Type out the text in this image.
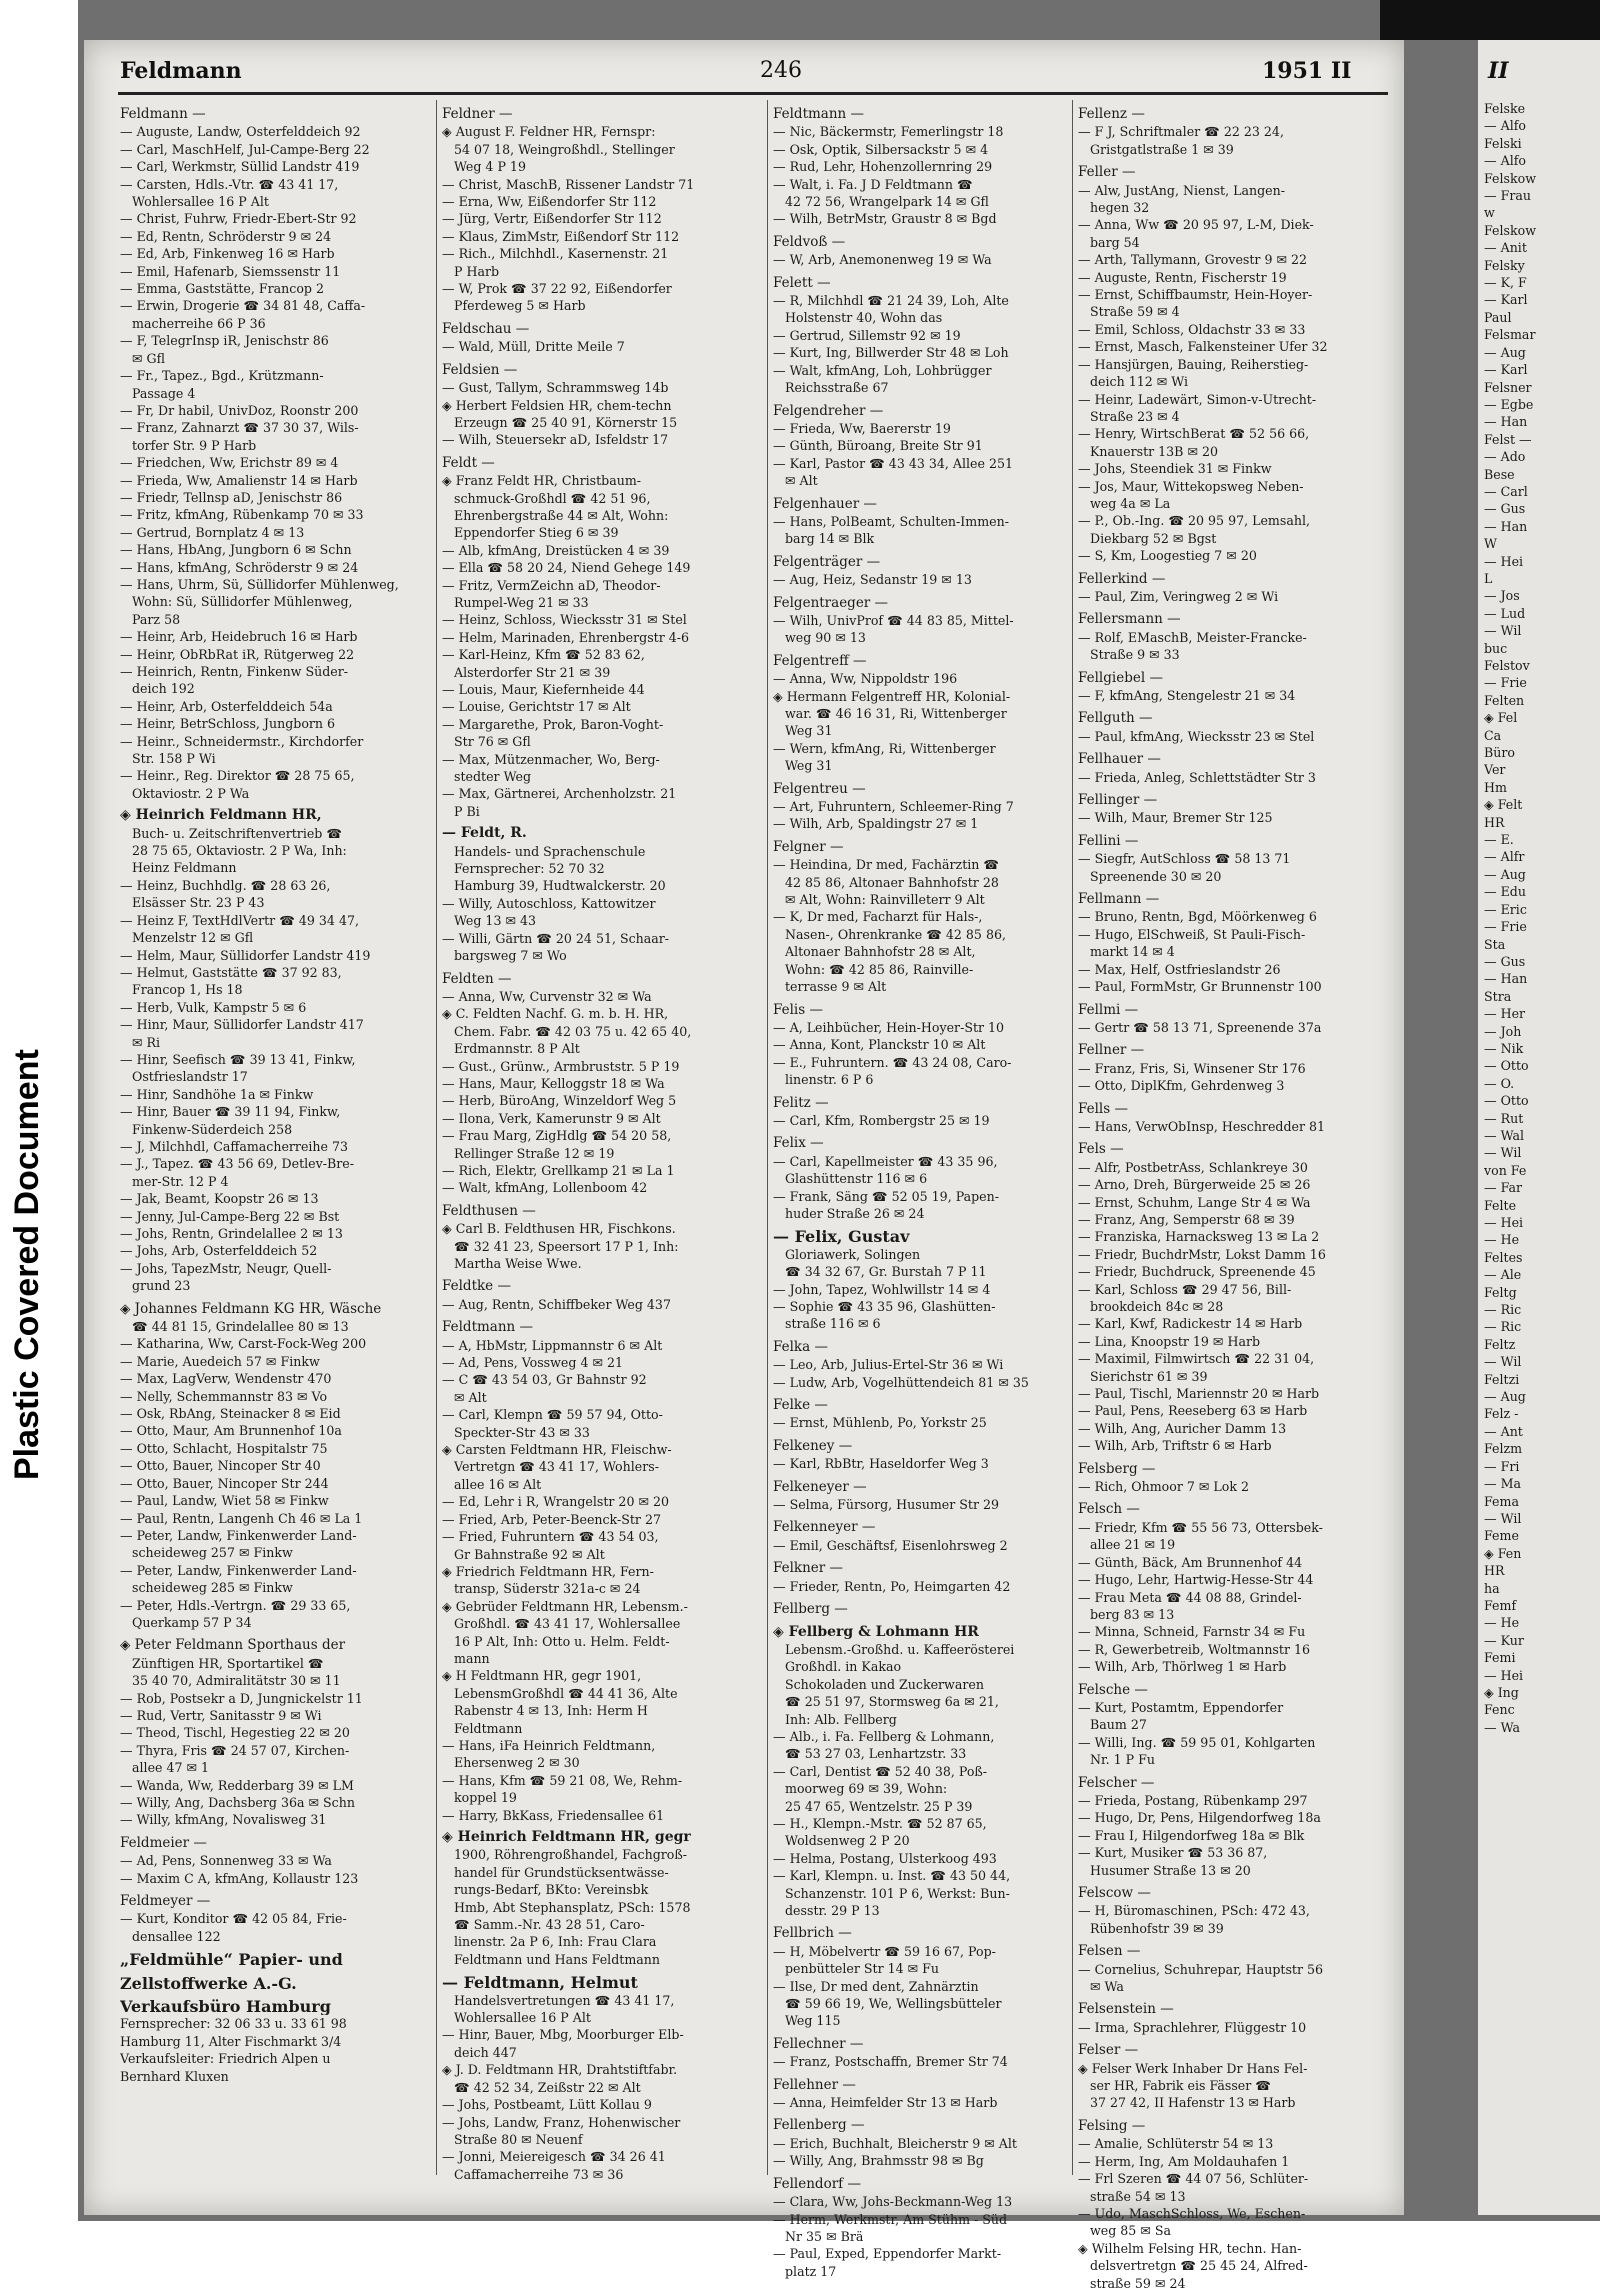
Plastic Covered Document
Feldmann	246	1951 II
Feldmann —
— Auguste, Landw, Osterfelddeich 92
— Carl, MaschHelf, Jul-Campe-Berg 22
— Carl, Werkmstr, Süllid Landstr 419
— Carsten, Hdls.-Vtr. ☎ 43 41 17,
Wohlersallee 16 P Alt
— Christ, Fuhrw, Friedr-Ebert-Str 92
— Ed, Rentn, Schröderstr 9 ✉ 24
— Ed, Arb, Finkenweg 16 ✉ Harb
— Emil, Hafenarb, Siemssenstr 11
— Emma, Gaststätte, Francop 2
— Erwin, Drogerie ☎ 34 81 48, Caffa-
macherreihe 66 P 36
— F, TelegrInsp iR, Jenischstr 86
✉ Gfl
— Fr., Tapez., Bgd., Krützmann-
Passage 4
— Fr, Dr habil, UnivDoz, Roonstr 200
— Franz, Zahnarzt ☎ 37 30 37, Wils-
torfer Str. 9 P Harb
— Friedchen, Ww, Erichstr 89 ✉ 4
— Frieda, Ww, Amalienstr 14 ✉ Harb
— Friedr, Tellnsp aD, Jenischstr 86
— Fritz, kfmAng, Rübenkamp 70 ✉ 33
— Gertrud, Bornplatz 4 ✉ 13
— Hans, HbAng, Jungborn 6 ✉ Schn
— Hans, kfmAng, Schröderstr 9 ✉ 24
— Hans, Uhrm, Sü, Süllidorfer Mühlenweg,
Wohn: Sü, Süllidorfer Mühlenweg,
Parz 58
— Heinr, Arb, Heidebruch 16 ✉ Harb
— Heinr, ObRbRat iR, Rütgerweg 22
— Heinrich, Rentn, Finkenw Süder-
deich 192
— Heinr, Arb, Osterfelddeich 54a
— Heinr, BetrSchloss, Jungborn 6
— Heinr., Schneidermstr., Kirchdorfer
Str. 158 P Wi
— Heinr., Reg. Direktor ☎ 28 75 65,
Oktaviostr. 2 P Wa
◈ Heinrich Feldmann HR,
Buch- u. Zeitschriftenvertrieb ☎
28 75 65, Oktaviostr. 2 P Wa, Inh:
Heinz Feldmann
— Heinz, Buchhdlg. ☎ 28 63 26,
Elsässer Str. 23 P 43
— Heinz F, TextHdlVertr ☎ 49 34 47,
Menzelstr 12 ✉ Gfl
— Helm, Maur, Süllidorfer Landstr 419
— Helmut, Gaststätte ☎ 37 92 83,
Francop 1, Hs 18
— Herb, Vulk, Kampstr 5 ✉ 6
— Hinr, Maur, Süllidorfer Landstr 417
✉ Ri
— Hinr, Seefisch ☎ 39 13 41, Finkw,
Ostfrieslandstr 17
— Hinr, Sandhöhe 1a ✉ Finkw
— Hinr, Bauer ☎ 39 11 94, Finkw,
Finkenw-Süderdeich 258
— J, Milchhdl, Caffamacherreihe 73
— J., Tapez. ☎ 43 56 69, Detlev-Bre-
mer-Str. 12 P 4
— Jak, Beamt, Koopstr 26 ✉ 13
— Jenny, Jul-Campe-Berg 22 ✉ Bst
— Johs, Rentn, Grindelallee 2 ✉ 13
— Johs, Arb, Osterfelddeich 52
— Johs, TapezMstr, Neugr, Quell-
grund 23
◈ Johannes Feldmann KG HR, Wäsche
☎ 44 81 15, Grindelallee 80 ✉ 13
— Katharina, Ww, Carst-Fock-Weg 200
— Marie, Auedeich 57 ✉ Finkw
— Max, LagVerw, Wendenstr 470
— Nelly, Schemmannstr 83 ✉ Vo
— Osk, RbAng, Steinacker 8 ✉ Eid
— Otto, Maur, Am Brunnenhof 10a
— Otto, Schlacht, Hospitalstr 75
— Otto, Bauer, Nincoper Str 40
— Otto, Bauer, Nincoper Str 244
— Paul, Landw, Wiet 58 ✉ Finkw
— Paul, Rentn, Langenh Ch 46 ✉ La 1
— Peter, Landw, Finkenwerder Land-
scheideweg 257 ✉ Finkw
— Peter, Landw, Finkenwerder Land-
scheideweg 285 ✉ Finkw
— Peter, Hdls.-Vertrgn. ☎ 29 33 65,
Querkamp 57 P 34
◈ Peter Feldmann Sporthaus der
Zünftigen HR, Sportartikel ☎
35 40 70, Admiralitätstr 30 ✉ 11
— Rob, Postsekr a D, Jungnickelstr 11
— Rud, Vertr, Sanitasstr 9 ✉ Wi
— Theod, Tischl, Hegestieg 22 ✉ 20
— Thyra, Fris ☎ 24 57 07, Kirchen-
allee 47 ✉ 1
— Wanda, Ww, Redderbarg 39 ✉ LM
— Willy, Ang, Dachsberg 36a ✉ Schn
— Willy, kfmAng, Novalisweg 31
Feldmeier —
— Ad, Pens, Sonnenweg 33 ✉ Wa
— Maxim C A, kfmAng, Kollaustr 123
Feldmeyer —
— Kurt, Konditor ☎ 42 05 84, Frie-
densallee 122
„Feldmühle“ Papier- und
Zellstoffwerke A.-G.
Verkaufsbüro Hamburg
Fernsprecher: 32 06 33 u. 33 61 98
Hamburg 11, Alter Fischmarkt 3/4
Verkaufsleiter: Friedrich Alpen u
Bernhard Kluxen
Feldner —
◈ August F. Feldner HR, Fernspr:
54 07 18, Weingroßhdl., Stellinger
Weg 4 P 19
— Christ, MaschB, Rissener Landstr 71
— Erna, Ww, Eißendorfer Str 112
— Jürg, Vertr, Eißendorfer Str 112
— Klaus, ZimMstr, Eißendorf Str 112
— Rich., Milchhdl., Kasernenstr. 21
P Harb
— W, Prok ☎ 37 22 92, Eißendorfer
Pferdeweg 5 ✉ Harb
Feldschau —
— Wald, Müll, Dritte Meile 7
Feldsien —
— Gust, Tallym, Schrammsweg 14b
◈ Herbert Feldsien HR, chem-techn
Erzeugn ☎ 25 40 91, Körnerstr 15
— Wilh, Steuersekr aD, Isfeldstr 17
Feldt —
◈ Franz Feldt HR, Christbaum-
schmuck-Großhdl ☎ 42 51 96,
Ehrenbergstraße 44 ✉ Alt, Wohn:
Eppendorfer Stieg 6 ✉ 39
— Alb, kfmAng, Dreistücken 4 ✉ 39
— Ella ☎ 58 20 24, Niend Gehege 149
— Fritz, VermZeichn aD, Theodor-
Rumpel-Weg 21 ✉ 33
— Heinz, Schloss, Wiecksstr 31 ✉ Stel
— Helm, Marinaden, Ehrenbergstr 4-6
— Karl-Heinz, Kfm ☎ 52 83 62,
Alsterdorfer Str 21 ✉ 39
— Louis, Maur, Kiefernheide 44
— Louise, Gerichtstr 17 ✉ Alt
— Margarethe, Prok, Baron-Voght-
Str 76 ✉ Gfl
— Max, Mützenmacher, Wo, Berg-
stedter Weg
— Max, Gärtnerei, Archenholzstr. 21
P Bi
— Feldt, R.
Handels- und Sprachenschule
Fernsprecher: 52 70 32
Hamburg 39, Hudtwalckerstr. 20
— Willy, Autoschloss, Kattowitzer
Weg 13 ✉ 43
— Willi, Gärtn ☎ 20 24 51, Schaar-
bargsweg 7 ✉ Wo
Feldten —
— Anna, Ww, Curvenstr 32 ✉ Wa
◈ C. Feldten Nachf. G. m. b. H. HR,
Chem. Fabr. ☎ 42 03 75 u. 42 65 40,
Erdmannstr. 8 P Alt
— Gust., Grünw., Armbruststr. 5 P 19
— Hans, Maur, Kelloggstr 18 ✉ Wa
— Herb, BüroAng, Winzeldorf Weg 5
— Ilona, Verk, Kamerunstr 9 ✉ Alt
— Frau Marg, ZigHdlg ☎ 54 20 58,
Rellinger Straße 12 ✉ 19
— Rich, Elektr, Grellkamp 21 ✉ La 1
— Walt, kfmAng, Lollenboom 42
Feldthusen —
◈ Carl B. Feldthusen HR, Fischkons.
☎ 32 41 23, Speersort 17 P 1, Inh:
Martha Weise Wwe.
Feldtke —
— Aug, Rentn, Schiffbeker Weg 437
Feldtmann —
— A, HbMstr, Lippmannstr 6 ✉ Alt
— Ad, Pens, Vossweg 4 ✉ 21
— C ☎ 43 54 03, Gr Bahnstr 92
✉ Alt
— Carl, Klempn ☎ 59 57 94, Otto-
Speckter-Str 43 ✉ 33
◈ Carsten Feldtmann HR, Fleischw-
Vertretgn ☎ 43 41 17, Wohlers-
allee 16 ✉ Alt
— Ed, Lehr i R, Wrangelstr 20 ✉ 20
— Fried, Arb, Peter-Beenck-Str 27
— Fried, Fuhruntern ☎ 43 54 03,
Gr Bahnstraße 92 ✉ Alt
◈ Friedrich Feldtmann HR, Fern-
transp, Süderstr 321a-c ✉ 24
◈ Gebrüder Feldtmann HR, Lebensm.-
Großhdl. ☎ 43 41 17, Wohlersallee
16 P Alt, Inh: Otto u. Helm. Feldt-
mann
◈ H Feldtmann HR, gegr 1901,
LebensmGroßhdl ☎ 44 41 36, Alte
Rabenstr 4 ✉ 13, Inh: Herm H
Feldtmann
— Hans, iFa Heinrich Feldtmann,
Ehersenweg 2 ✉ 30
— Hans, Kfm ☎ 59 21 08, We, Rehm-
koppel 19
— Harry, BkKass, Friedensallee 61
◈ Heinrich Feldtmann HR, gegr
1900, Röhrengroßhandel, Fachgroß-
handel für Grundstücksentwässe-
rungs-Bedarf, BKto: Vereinsbk
Hmb, Abt Stephansplatz, PSch: 1578
☎ Samm.-Nr. 43 28 51, Caro-
linenstr. 2a P 6, Inh: Frau Clara
Feldtmann und Hans Feldtmann
— Feldtmann, Helmut
Handelsvertretungen ☎ 43 41 17,
Wohlersallee 16 P Alt
— Hinr, Bauer, Mbg, Moorburger Elb-
deich 447
◈ J. D. Feldtmann HR, Drahtstiftfabr.
☎ 42 52 34, Zeißstr 22 ✉ Alt
— Johs, Postbeamt, Lütt Kollau 9
— Johs, Landw, Franz, Hohenwischer
Straße 80 ✉ Neuenf
— Jonni, Meiereigesch ☎ 34 26 41
Caffamacherreihe 73 ✉ 36
Feldtmann —
— Nic, Bäckermstr, Femerlingstr 18
— Osk, Optik, Silbersackstr 5 ✉ 4
— Rud, Lehr, Hohenzollernring 29
— Walt, i. Fa. J D Feldtmann ☎
42 72 56, Wrangelpark 14 ✉ Gfl
— Wilh, BetrMstr, Graustr 8 ✉ Bgd
Feldvoß —
— W, Arb, Anemonenweg 19 ✉ Wa
Felett —
— R, Milchhdl ☎ 21 24 39, Loh, Alte
Holstenstr 40, Wohn das
— Gertrud, Sillemstr 92 ✉ 19
— Kurt, Ing, Billwerder Str 48 ✉ Loh
— Walt, kfmAng, Loh, Lohbrügger
Reichsstraße 67
Felgendreher —
— Frieda, Ww, Baererstr 19
— Günth, Büroang, Breite Str 91
— Karl, Pastor ☎ 43 43 34, Allee 251
✉ Alt
Felgenhauer —
— Hans, PolBeamt, Schulten-Immen-
barg 14 ✉ Blk
Felgenträger —
— Aug, Heiz, Sedanstr 19 ✉ 13
Felgentraeger —
— Wilh, UnivProf ☎ 44 83 85, Mittel-
weg 90 ✉ 13
Felgentreff —
— Anna, Ww, Nippoldstr 196
◈ Hermann Felgentreff HR, Kolonial-
war. ☎ 46 16 31, Ri, Wittenberger
Weg 31
— Wern, kfmAng, Ri, Wittenberger
Weg 31
Felgentreu —
— Art, Fuhruntern, Schleemer-Ring 7
— Wilh, Arb, Spaldingstr 27 ✉ 1
Felgner —
— Heindina, Dr med, Fachärztin ☎
42 85 86, Altonaer Bahnhofstr 28
✉ Alt, Wohn: Rainvilleterr 9 Alt
— K, Dr med, Facharzt für Hals-,
Nasen-, Ohrenkranke ☎ 42 85 86,
Altonaer Bahnhofstr 28 ✉ Alt,
Wohn: ☎ 42 85 86, Rainville-
terrasse 9 ✉ Alt
Felis —
— A, Leihbücher, Hein-Hoyer-Str 10
— Anna, Kont, Planckstr 10 ✉ Alt
— E., Fuhruntern. ☎ 43 24 08, Caro-
linenstr. 6 P 6
Felitz —
— Carl, Kfm, Rombergstr 25 ✉ 19
Felix —
— Carl, Kapellmeister ☎ 43 35 96,
Glashüttenstr 116 ✉ 6
— Frank, Säng ☎ 52 05 19, Papen-
huder Straße 26 ✉ 24
— Felix, Gustav
Gloriawerk, Solingen
☎ 34 32 67, Gr. Burstah 7 P 11
— John, Tapez, Wohlwillstr 14 ✉ 4
— Sophie ☎ 43 35 96, Glashütten-
straße 116 ✉ 6
Felka —
— Leo, Arb, Julius-Ertel-Str 36 ✉ Wi
— Ludw, Arb, Vogelhüttendeich 81 ✉ 35
Felke —
— Ernst, Mühlenb, Po, Yorkstr 25
Felkeney —
— Karl, RbBtr, Haseldorfer Weg 3
Felkeneyer —
— Selma, Fürsorg, Husumer Str 29
Felkenneyer —
— Emil, Geschäftsf, Eisenlohrsweg 2
Felkner —
— Frieder, Rentn, Po, Heimgarten 42
Fellberg —
◈ Fellberg & Lohmann HR
Lebensm.-Großhd. u. Kaffeerösterei
Großhdl. in Kakao
Schokoladen und Zuckerwaren
☎ 25 51 97, Stormsweg 6a ✉ 21,
Inh: Alb. Fellberg
— Alb., i. Fa. Fellberg & Lohmann,
☎ 53 27 03, Lenhartzstr. 33
— Carl, Dentist ☎ 52 40 38, Poß-
moorweg 69 ✉ 39, Wohn:
25 47 65, Wentzelstr. 25 P 39
— H., Klempn.-Mstr. ☎ 52 87 65,
Woldsenweg 2 P 20
— Helma, Postang, Ulsterkoog 493
— Karl, Klempn. u. Inst. ☎ 43 50 44,
Schanzenstr. 101 P 6, Werkst: Bun-
desstr. 29 P 13
Fellbrich —
— H, Möbelvertr ☎ 59 16 67, Pop-
penbütteler Str 14 ✉ Fu
— Ilse, Dr med dent, Zahnärztin
☎ 59 66 19, We, Wellingsbütteler
Weg 115
Fellechner —
— Franz, Postschaffn, Bremer Str 74
Fellehner —
— Anna, Heimfelder Str 13 ✉ Harb
Fellenberg —
— Erich, Buchhalt, Bleicherstr 9 ✉ Alt
— Willy, Ang, Brahmsstr 98 ✉ Bg
Fellendorf —
— Clara, Ww, Johs-Beckmann-Weg 13
— Herm, Werkmstr, Am Stühm - Süd
Nr 35 ✉ Brä
— Paul, Exped, Eppendorfer Markt-
platz 17
Fellenz —
— F J, Schriftmaler ☎ 22 23 24,
Gristgatlstraße 1 ✉ 39
Feller —
— Alw, JustAng, Nienst, Langen-
hegen 32
— Anna, Ww ☎ 20 95 97, L-M, Diek-
barg 54
— Arth, Tallymann, Grovestr 9 ✉ 22
— Auguste, Rentn, Fischerstr 19
— Ernst, Schiffbaumstr, Hein-Hoyer-
Straße 59 ✉ 4
— Emil, Schloss, Oldachstr 33 ✉ 33
— Ernst, Masch, Falkensteiner Ufer 32
— Hansjürgen, Bauing, Reiherstieg-
deich 112 ✉ Wi
— Heinr, Ladewärt, Simon-v-Utrecht-
Straße 23 ✉ 4
— Henry, WirtschBerat ☎ 52 56 66,
Knauerstr 13B ✉ 20
— Johs, Steendiek 31 ✉ Finkw
— Jos, Maur, Wittekopsweg Neben-
weg 4a ✉ La
— P., Ob.-Ing. ☎ 20 95 97, Lemsahl,
Diekbarg 52 ✉ Bgst
— S, Km, Loogestieg 7 ✉ 20
Fellerkind —
— Paul, Zim, Veringweg 2 ✉ Wi
Fellersmann —
— Rolf, EMaschB, Meister-Francke-
Straße 9 ✉ 33
Fellgiebel —
— F, kfmAng, Stengelestr 21 ✉ 34
Fellguth —
— Paul, kfmAng, Wiecksstr 23 ✉ Stel
Fellhauer —
— Frieda, Anleg, Schlettstädter Str 3
Fellinger —
— Wilh, Maur, Bremer Str 125
Fellini —
— Siegfr, AutSchloss ☎ 58 13 71
Spreenende 30 ✉ 20
Fellmann —
— Bruno, Rentn, Bgd, Möörkenweg 6
— Hugo, ElSchweiß, St Pauli-Fisch-
markt 14 ✉ 4
— Max, Helf, Ostfrieslandstr 26
— Paul, FormMstr, Gr Brunnenstr 100
Fellmi —
— Gertr ☎ 58 13 71, Spreenende 37a
Fellner —
— Franz, Fris, Si, Winsener Str 176
— Otto, DiplKfm, Gehrdenweg 3
Fells —
— Hans, VerwObInsp, Heschredder 81
Fels —
— Alfr, PostbetrAss, Schlankreye 30
— Arno, Dreh, Bürgerweide 25 ✉ 26
— Ernst, Schuhm, Lange Str 4 ✉ Wa
— Franz, Ang, Semperstr 68 ✉ 39
— Franziska, Harnacksweg 13 ✉ La 2
— Friedr, BuchdrMstr, Lokst Damm 16
— Friedr, Buchdruck, Spreenende 45
— Karl, Schloss ☎ 29 47 56, Bill-
brookdeich 84c ✉ 28
— Karl, Kwf, Radickestr 14 ✉ Harb
— Lina, Knoopstr 19 ✉ Harb
— Maximil, Filmwirtsch ☎ 22 31 04,
Sierichstr 61 ✉ 39
— Paul, Tischl, Mariennstr 20 ✉ Harb
— Paul, Pens, Reeseberg 63 ✉ Harb
— Wilh, Ang, Auricher Damm 13
— Wilh, Arb, Triftstr 6 ✉ Harb
Felsberg —
— Rich, Ohmoor 7 ✉ Lok 2
Felsch —
— Friedr, Kfm ☎ 55 56 73, Ottersbek-
allee 21 ✉ 19
— Günth, Bäck, Am Brunnenhof 44
— Hugo, Lehr, Hartwig-Hesse-Str 44
— Frau Meta ☎ 44 08 88, Grindel-
berg 83 ✉ 13
— Minna, Schneid, Farnstr 34 ✉ Fu
— R, Gewerbetreib, Woltmannstr 16
— Wilh, Arb, Thörlweg 1 ✉ Harb
Felsche —
— Kurt, Postamtm, Eppendorfer
Baum 27
— Willi, Ing. ☎ 59 95 01, Kohlgarten
Nr. 1 P Fu
Felscher —
— Frieda, Postang, Rübenkamp 297
— Hugo, Dr, Pens, Hilgendorfweg 18a
— Frau I, Hilgendorfweg 18a ✉ Blk
— Kurt, Musiker ☎ 53 36 87,
Husumer Straße 13 ✉ 20
Felscow —
— H, Büromaschinen, PSch: 472 43,
Rübenhofstr 39 ✉ 39
Felsen —
— Cornelius, Schuhrepar, Hauptstr 56
✉ Wa
Felsenstein —
— Irma, Sprachlehrer, Flüggestr 10
Felser —
◈ Felser Werk Inhaber Dr Hans Fel-
ser HR, Fabrik eis Fässer ☎
37 27 42, II Hafenstr 13 ✉ Harb
Felsing —
— Amalie, Schlüterstr 54 ✉ 13
— Herm, Ing, Am Moldauhafen 1
— Frl Szeren ☎ 44 07 56, Schlüter-
straße 54 ✉ 13
— Udo, MaschSchloss, We, Eschen-
weg 85 ✉ Sa
◈ Wilhelm Felsing HR, techn. Han-
delsvertretgn ☎ 25 45 24, Alfred-
straße 59 ✉ 24
II
Felske
— Alfo
Felski
— Alfo
Felskow
— Frau
w
Felskow
— Anit
Felsky
— K, F
— Karl
Paul
Felsmar
— Aug
— Karl
Felsner
— Egbe
— Han
Felst —
— Ado
Bese
— Carl
— Gus
— Han
W
— Hei
L
— Jos
— Lud
— Wil
buc
Felstov
— Frie
Felten
◈ Fel
Ca
Büro
Ver
Hm
◈ Felt
HR
— E.
— Alfr
— Aug
— Edu
— Eric
— Frie
Sta
— Gus
— Han
Stra
— Her
— Joh
— Nik
— Otto
— O.
— Otto
— Rut
— Wal
— Wil
von Fe
— Far
Felte
— Hei
— He
Feltes
— Ale
Feltg
— Ric
— Ric
Feltz
— Wil
Feltzi
— Aug
Felz -
— Ant
Felzm
— Fri
— Ma
Fema
— Wil
Feme
◈ Fen
HR
ha
Femf
— He
— Kur
Femi
— Hei
◈ Ing
Fenc
— Wa
